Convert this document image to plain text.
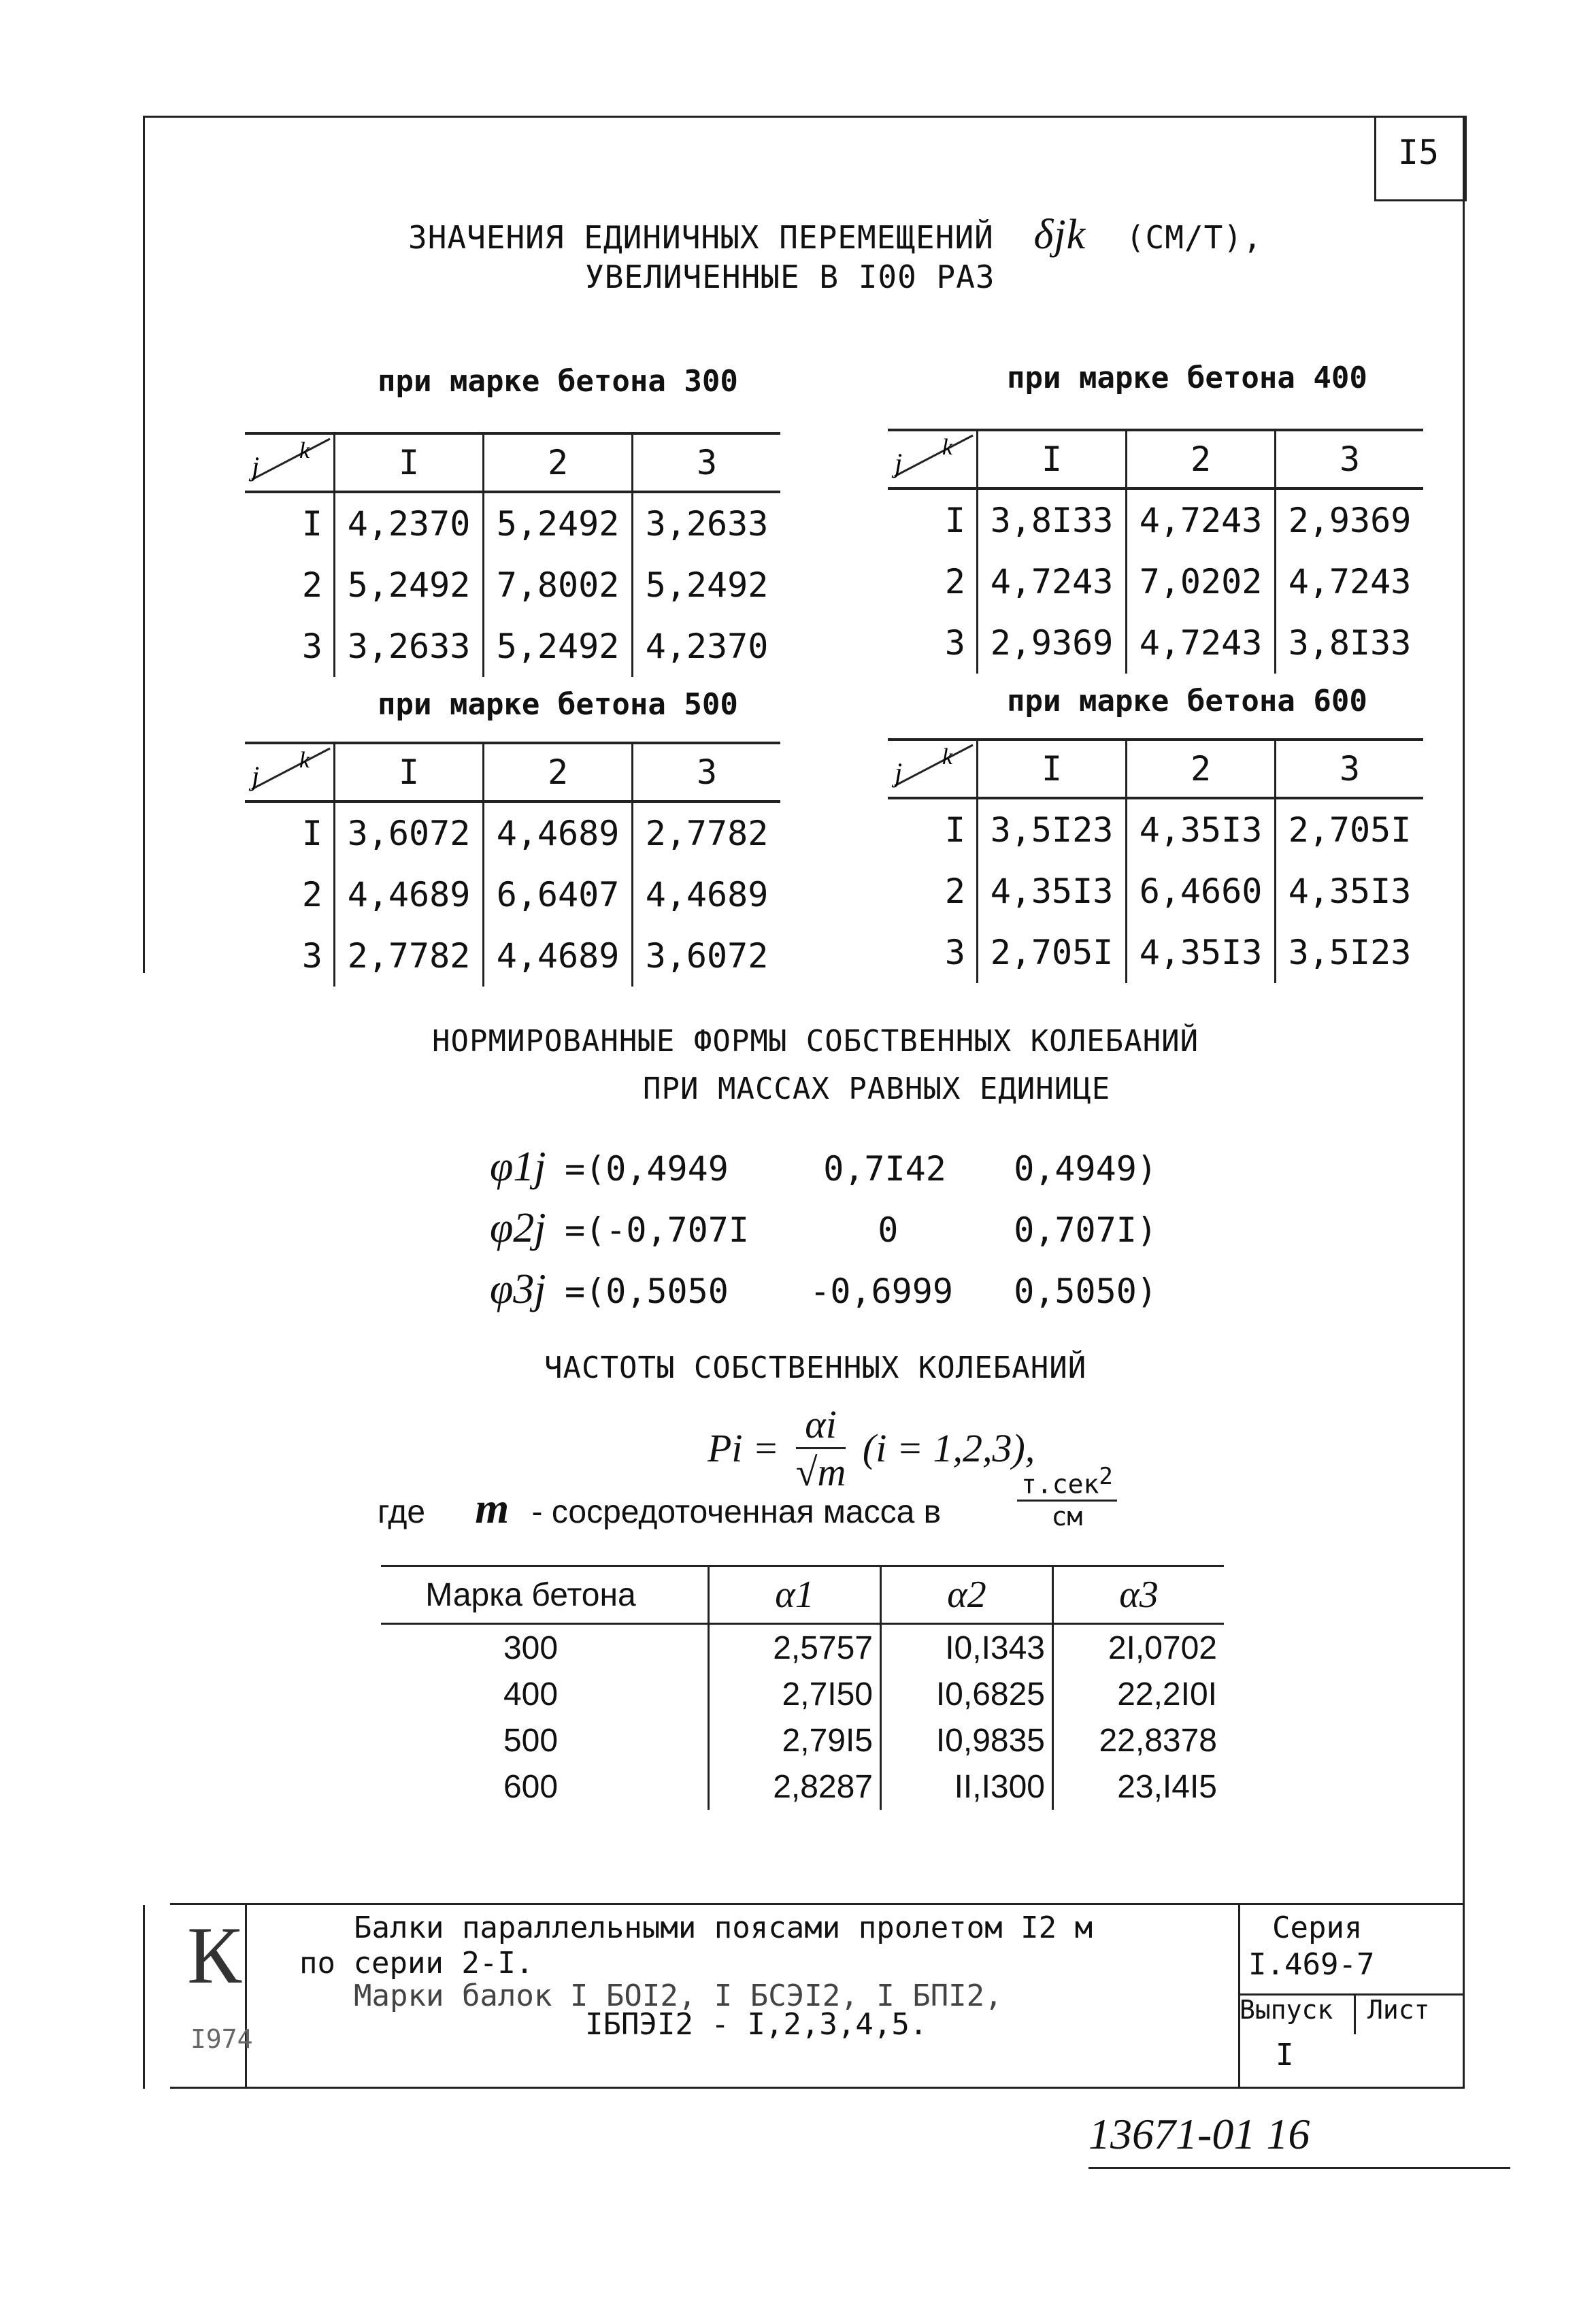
I5
ЗНАЧЕНИЯ ЕДИНИЧНЫХ ПЕРЕМЕЩЕНИЙ δjk (СМ/Т),
УВЕЛИЧЕННЫЕ В I00 РАЗ
при марке бетона 300
k
j	I	2	3
I	4,2370	5,2492	3,2633
2	5,2492	7,8002	5,2492
3	3,2633	5,2492	4,2370
при марке бетона 400
k
j	I	2	3
I	3,8I33	4,7243	2,9369
2	4,7243	7,0202	4,7243
3	2,9369	4,7243	3,8I33
при марке бетона 500
k
j	I	2	3
I	3,6072	4,4689	2,7782
2	4,4689	6,6407	4,4689
3	2,7782	4,4689	3,6072
при марке бетона 600
k
j	I	2	3
I	3,5I23	4,35I3	2,705I
2	4,35I3	6,4660	4,35I3
3	2,705I	4,35I3	3,5I23
НОРМИРОВАННЫЕ ФОРМЫ СОБСТВЕННЫХ КОЛЕБАНИЙ
ПРИ МАССАХ РАВНЫХ ЕДИНИЦЕ
φ1j =(0,4949	0,7I42 0,4949)
φ2j =(-0,707I	0	0,707I)
φ3j =(0,5050 -0,6999 0,5050)
ЧАСТОТЫ СОБСТВЕННЫХ КОЛЕБАНИЙ
$Pi = \frac{\alpha i}{√m} (i = 1,2,3)$,
где m - сосредоточенная масса в
т.сек$^2$
см
Марка бетона	α1	α2	α3
300	2,5757	I0,I343	2I,0702
400	2,7I50	I0,6825	22,2I0I
500	2,79I5	I0,9835	22,8378
600	2,8287	II,I300	23,I4I5
К
I974
Балки параллельными поясами пролетом I2 м
по серии 2-I.
Марки балок I БОI2, I БСЭI2, I БПI2,
IБПЭI2 - I,2,3,4,5.
Серия
I.469-7
Выпуск Лист
I
13671-01 16
